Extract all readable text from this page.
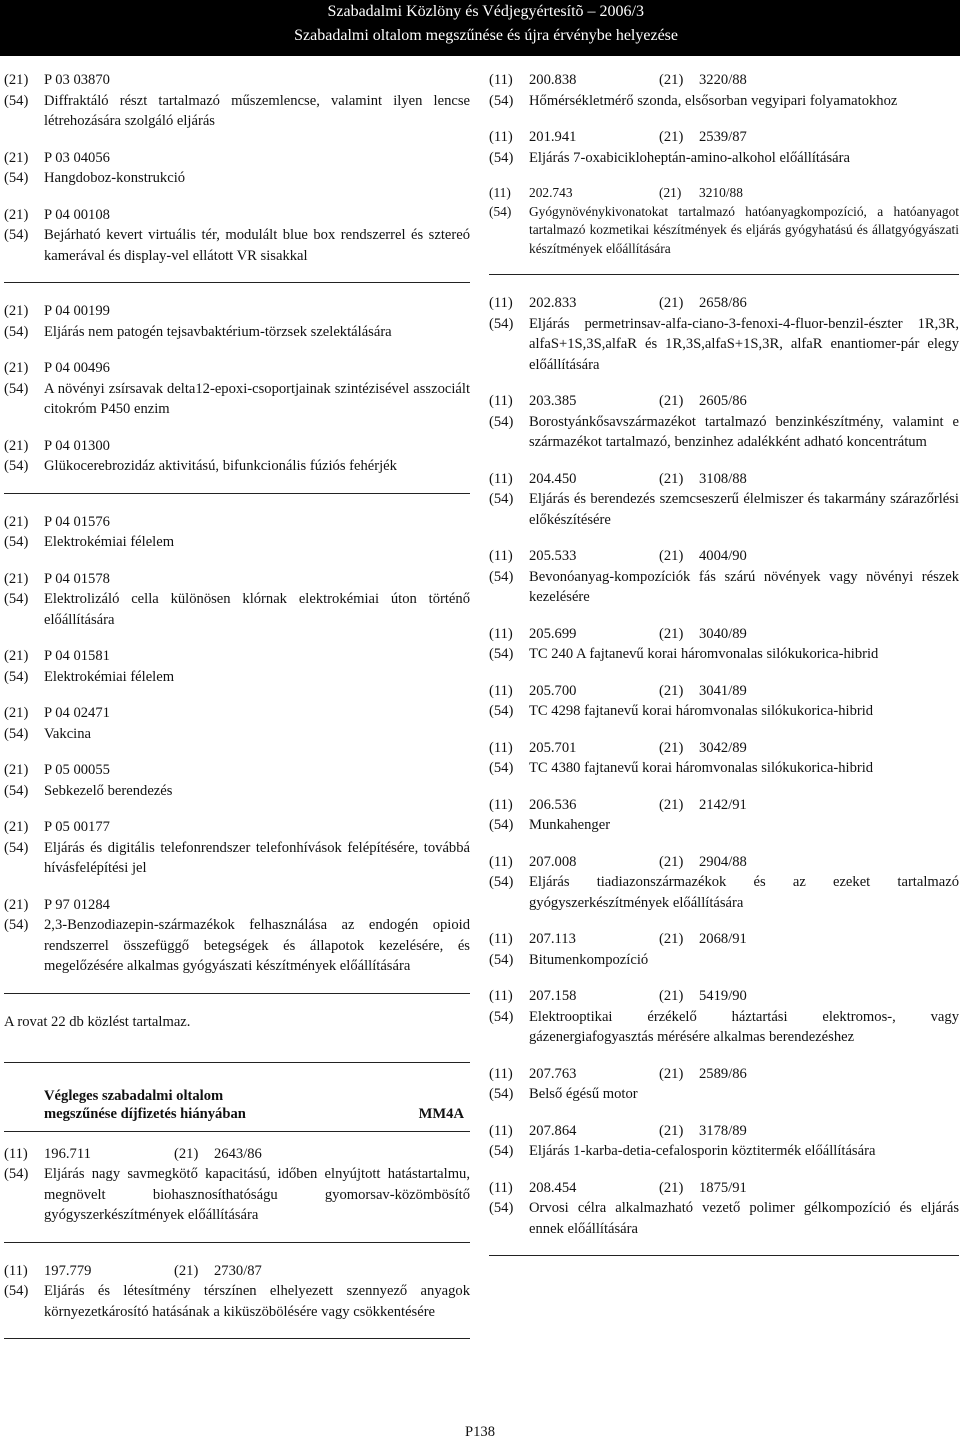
Szabadalmi Közlöny és Védjegyértesítõ – 2006/3
Szabadalmi oltalom megszűnése és újra érvénybe helyezése
(21)	P 03 03870
(54)	Diffraktáló részt tartalmazó műszemlencse, valamint ilyen lencse létrehozására szolgáló eljárás
(21)	P 03 04056
(54)	Hangdoboz-konstrukció
(21)	P 04 00108
(54)	Bejárható kevert virtuális tér, modulált blue box rendszerrel és sztereó kamerával és display-vel ellátott VR sisakkal
(21)	P 04 00199
(54)	Eljárás nem patogén tejsavbaktérium-törzsek szelektálására
(21)	P 04 00496
(54)	A növényi zsírsavak delta12-epoxi-csoportjainak szintézisével asszociált citokróm P450 enzim
(21)	P 04 01300
(54)	Glükocerebrozidáz aktivitású, bifunkcionális fúziós fehérjék
(21)	P 04 01576
(54)	Elektrokémiai félelem
(21)	P 04 01578
(54)	Elektrolizáló cella különösen klórnak elektrokémiai úton történő előállítására
(21)	P 04 01581
(54)	Elektrokémiai félelem
(21)	P 04 02471
(54)	Vakcina
(21)	P 05 00055
(54)	Sebkezelő berendezés
(21)	P 05 00177
(54)	Eljárás és digitális telefonrendszer telefonhívások felépítésére, továbbá hívásfelépítési jel
(21)	P 97 01284
(54)	2,3-Benzodiazepin-származékok felhasználása az endogén opioid rendszerrel összefüggő betegségek és állapotok kezelésére, és megelőzésére alkalmas gyógyászati készítmények előállítására
A rovat 22 db közlést tartalmaz.
Végleges szabadalmi oltalom
megszűnése díjfizetés hiányában	MM4A
(11)	196.711	(21)	2643/86
(54)	Eljárás nagy savmegkötő kapacitású, időben elnyújtott hatástartalmu, megnövelt biohasznosíthatóságu gyomorsav-közömbösítő gyógyszerkészítmények előállítására
(11)	197.779	(21)	2730/87
(54)	Eljárás és létesítmény térszínen elhelyezett szennyező anyagok környezetkárosító hatásának a kiküszöbölésére vagy csökkentésére
(11)	200.838	(21)	3220/88
(54)	Hőmérsékletmérő szonda, elsősorban vegyipari folyamatokhoz
(11)	201.941	(21)	2539/87
(54)	Eljárás 7-oxabicikloheptán-amino-alkohol előállítására
(11)	202.743	(21)	3210/88
(54)	Gyógynövénykivonatokat tartalmazó hatóanyagkompozíció, a hatóanyagot tartalmazó kozmetikai készítmények és eljárás gyógyhatású és állatgyógyászati készítmények előállítására
(11)	202.833	(21)	2658/86
(54)	Eljárás permetrinsav-alfa-ciano-3-fenoxi-4-fluor-benzil-észter 1R,3R, alfaS+1S,3S,alfaR és 1R,3S,alfaS+1S,3R, alfaR enantiomer-pár elegy előállítására
(11)	203.385	(21)	2605/86
(54)	Borostyánkősavszármazékot tartalmazó benzinkészítmény, valamint e származékot tartalmazó, benzinhez adalékként adható koncentrátum
(11)	204.450	(21)	3108/88
(54)	Eljárás és berendezés szemcseszerű élelmiszer és takarmány szárazőrlési előkészítésére
(11)	205.533	(21)	4004/90
(54)	Bevonóanyag-kompozíciók fás szárú növények vagy növényi részek kezelésére
(11)	205.699	(21)	3040/89
(54)	TC 240 A fajtanevű korai háromvonalas silókukorica-hibrid
(11)	205.700	(21)	3041/89
(54)	TC 4298 fajtanevű korai háromvonalas silókukorica-hibrid
(11)	205.701	(21)	3042/89
(54)	TC 4380 fajtanevű korai háromvonalas silókukorica-hibrid
(11)	206.536	(21)	2142/91
(54)	Munkahenger
(11)	207.008	(21)	2904/88
(54)	Eljárás tiadiazonszármazékok és az ezeket tartalmazó gyógyszerkészítmények előállítására
(11)	207.113	(21)	2068/91
(54)	Bitumenkompozíció
(11)	207.158	(21)	5419/90
(54)	Elektrooptikai érzékelő háztartási elektromos-, vagy gázenergiafogyasztás mérésére alkalmas berendezéshez
(11)	207.763	(21)	2589/86
(54)	Belső égésű motor
(11)	207.864	(21)	3178/89
(54)	Eljárás 1-karba-detia-cefalosporin köztitermék előállítására
(11)	208.454	(21)	1875/91
(54)	Orvosi célra alkalmazható vezető polimer gélkompozíció és eljárás ennek előállítására
P138
